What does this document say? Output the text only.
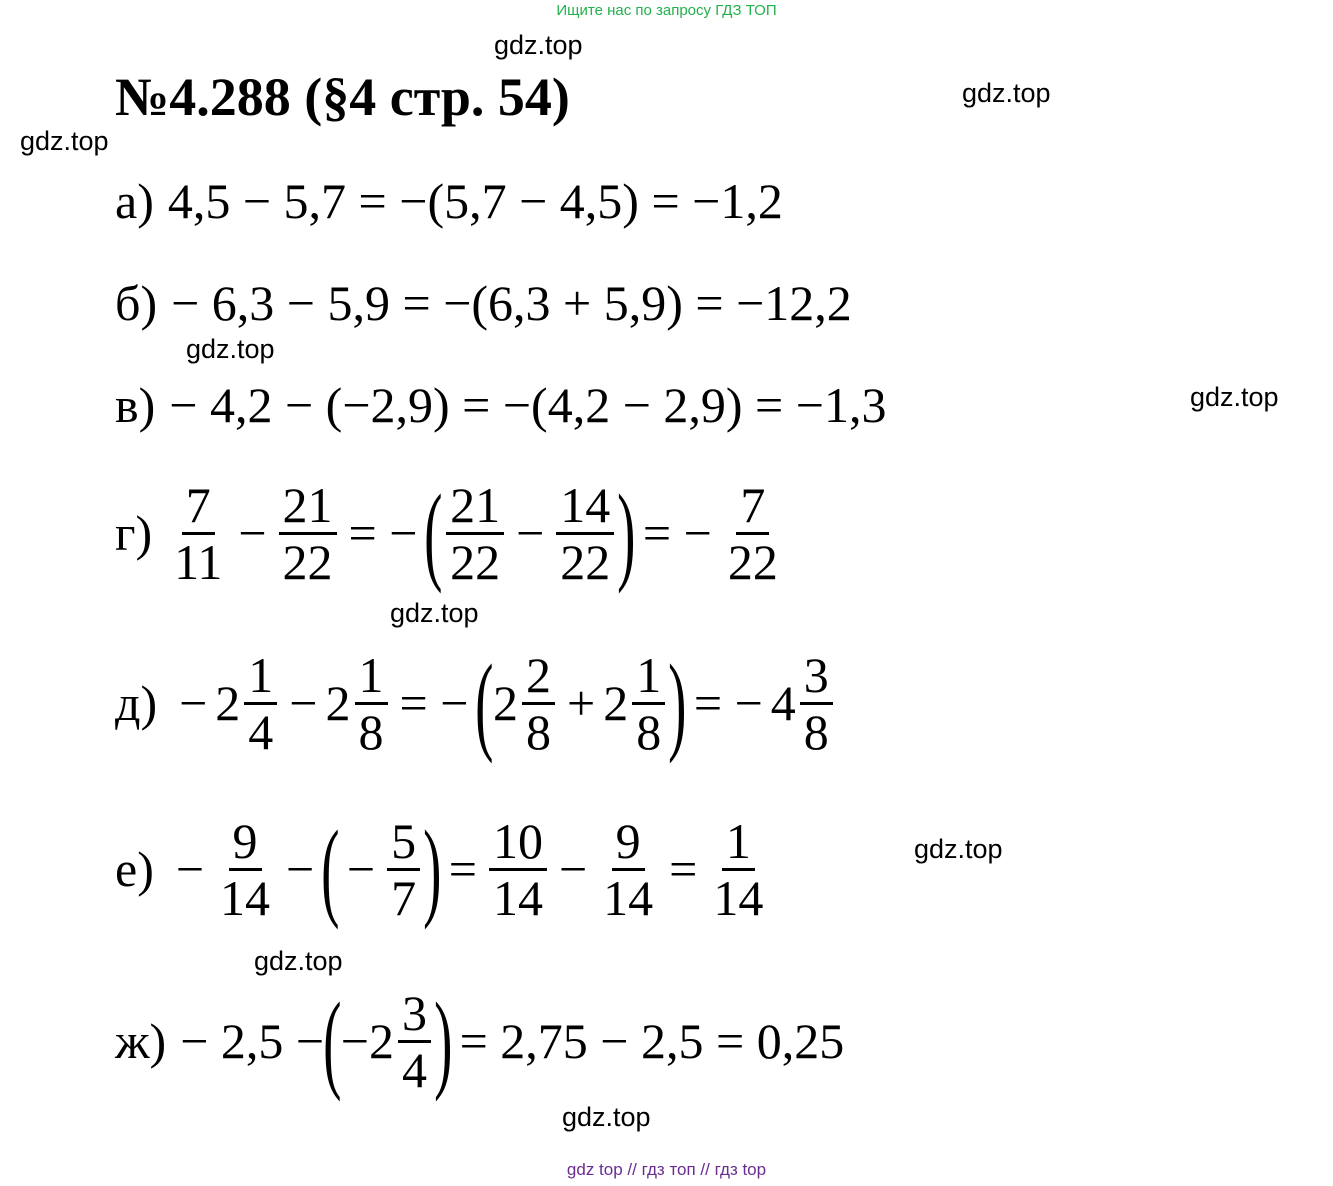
Ищите нас по запросу ГДЗ ТОП
№4.288 (§4 стр. 54)
gdz.top
gdz.top
gdz.top
gdz.top
gdz.top
gdz.top
gdz.top
gdz.top
gdz.top
а) 4,5 − 5,7 = −(5,7 − 4,5) = −1,2
б) − 6,3 − 5,9 = −(6,3 + 5,9) = −12,2
в) − 4,2 − (−2,9) = −(4,2 − 2,9) = −1,3
$г) \frac{7}{11} - \frac{21}{22}$ = − ( $\frac{21}{22} - \frac{14}{22}$ ) = − $\frac{7}{22}$
$д) - 2 \frac{1}{4} - 2 \frac{1}{8}$ = − ( $2 \frac{2}{8} + 2 \frac{1}{8}$ ) = − $4 \frac{3}{8}$
$е) - \frac{9}{14}$ − ( − $\frac{5}{7}$ ) = $\frac{10}{14} - \frac{9}{14} = \frac{1}{14}$
ж) − 2,5 − ( $-2 \frac{3}{4}$ ) = 2,75 − 2,5 = 0,25
gdz top // гдз топ // гдз top
